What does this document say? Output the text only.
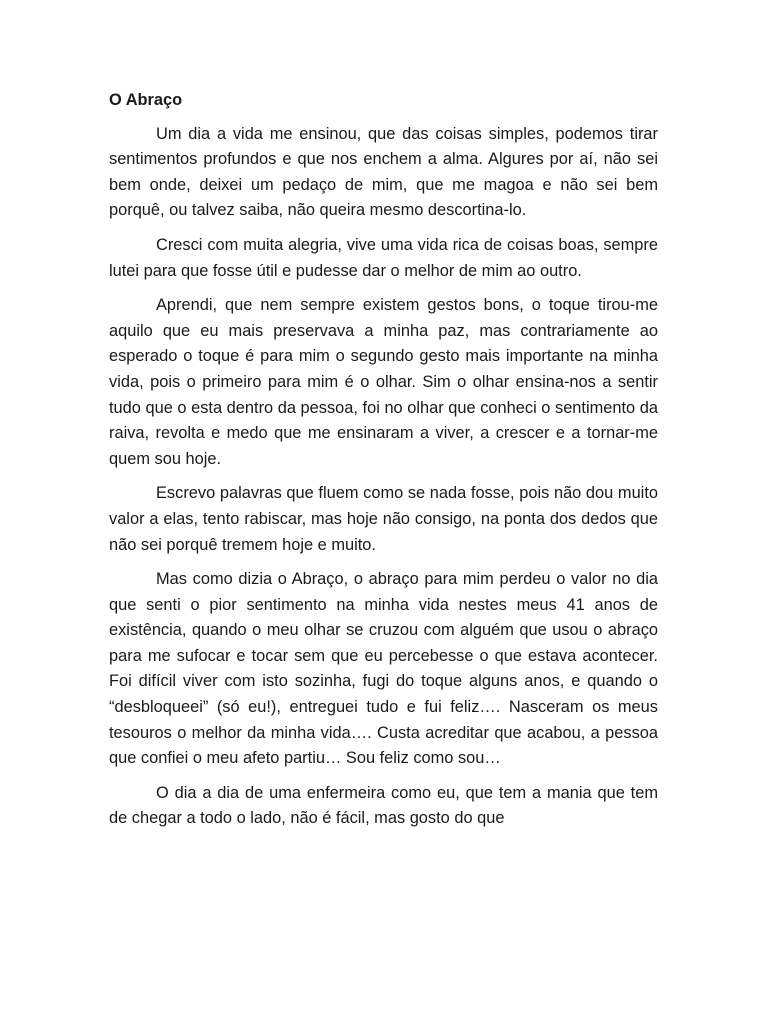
O Abraço

Um dia a vida me ensinou, que das coisas simples, podemos tirar sentimentos profundos e que nos enchem a alma. Algures por aí, não sei bem onde, deixei um pedaço de mim, que me magoa e não sei bem porquê, ou talvez saiba, não queira mesmo descortina-lo.

Cresci com muita alegria, vive uma vida rica de coisas boas, sempre lutei para que fosse útil e pudesse dar o melhor de mim ao outro.

Aprendi, que nem sempre existem gestos bons, o toque tirou-me aquilo que eu mais preservava a minha paz, mas contrariamente ao esperado o toque é para mim o segundo gesto mais importante na minha vida, pois o primeiro para mim é o olhar. Sim o olhar ensina-nos a sentir tudo que o esta dentro da pessoa, foi no olhar que conheci o sentimento da raiva, revolta e medo que me ensinaram a viver, a crescer e a tornar-me quem sou hoje.

Escrevo palavras que fluem como se nada fosse, pois não dou muito valor a elas, tento rabiscar, mas hoje não consigo, na ponta dos dedos que não sei porquê tremem hoje e muito.

Mas como dizia o Abraço, o abraço para mim perdeu o valor no dia que senti o pior sentimento na minha vida nestes meus 41 anos de existência, quando o meu olhar se cruzou com alguém que usou o abraço para me sufocar e tocar sem que eu percebesse o que estava acontecer. Foi difícil viver com isto sozinha, fugi do toque alguns anos, e quando o “desbloqueei” (só eu!), entreguei tudo e fui feliz…. Nasceram os meus tesouros o melhor da minha vida…. Custa acreditar que acabou, a pessoa que confiei o meu afeto partiu… Sou feliz como sou…

O dia a dia de uma enfermeira como eu, que tem a mania que tem de chegar a todo o lado, não é fácil, mas gosto do que
